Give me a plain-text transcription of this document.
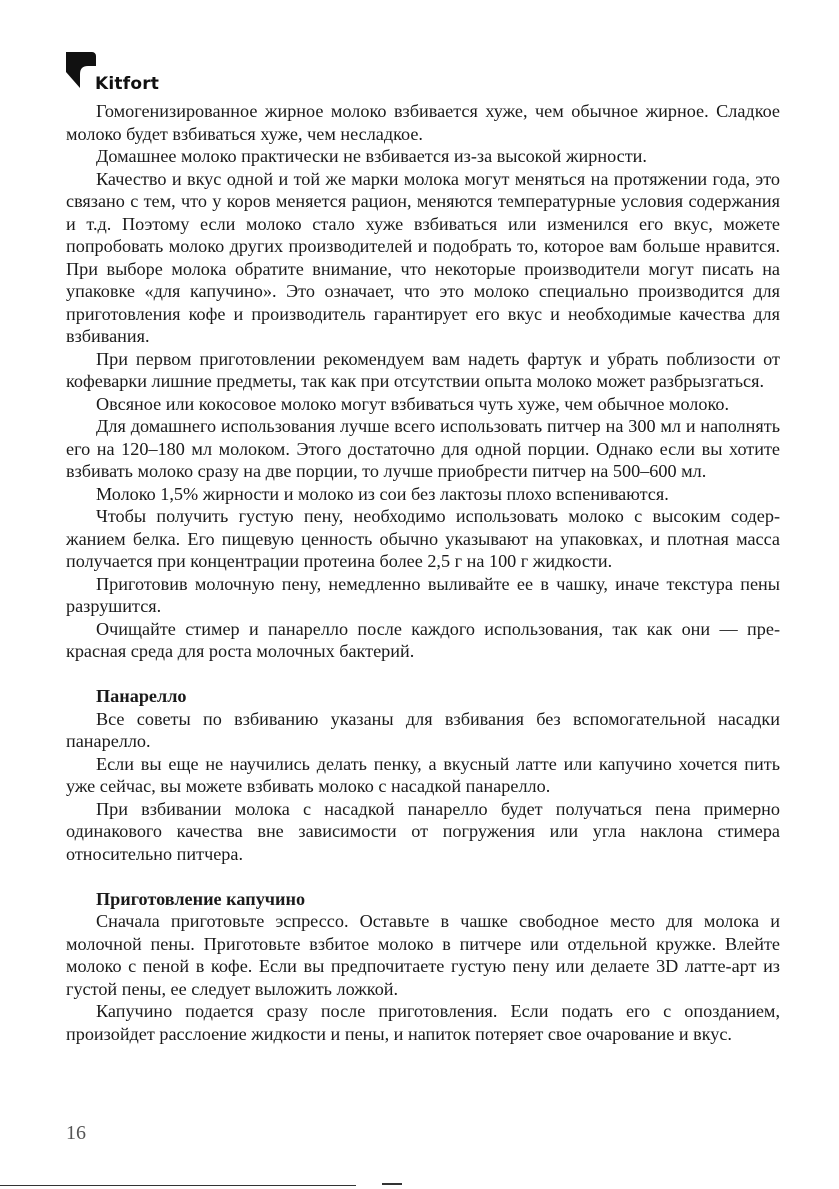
Kitfort

Гомогенизированное жирное молоко взбивается хуже, чем обычное жирное. Сладкое молоко будет взбиваться хуже, чем несладкое.

Домашнее молоко практически не взбивается из-за высокой жирности.

Качество и вкус одной и той же марки молока могут меняться на протяжении года, это связано с тем, что у коров меняется рацион, меняются температурные условия содержания и т.д. Поэтому если молоко стало хуже взбиваться или изменился его вкус, можете попробовать молоко других производителей и подобрать то, которое вам больше нравится. При выборе молока обратите внимание, что некоторые производители могут писать на упаковке «для капучино». Это означает, что это молоко специально производится для приготовления кофе и производитель гарантирует его вкус и необходимые качества для взбивания.

При первом приготовлении рекомендуем вам надеть фартук и убрать поблизости от кофеварки лишние предметы, так как при отсутствии опыта молоко может разбрызгаться.

Овсяное или кокосовое молоко могут взбиваться чуть хуже, чем обычное молоко.

Для домашнего использования лучше всего использовать питчер на 300 мл и наполнять его на 120–180 мл молоком. Этого достаточно для одной порции. Однако если вы хотите взбивать молоко сразу на две порции, то лучше приобрести питчер на 500–600 мл.

Молоко 1,5% жирности и молоко из сои без лактозы плохо вспениваются.

Чтобы получить густую пену, необходимо использовать молоко с высоким содержанием белка. Его пищевую ценность обычно указывают на упаковках, и плотная масса получается при концентрации протеина более 2,5 г на 100 г жидкости.

Приготовив молочную пену, немедленно выливайте ее в чашку, иначе текстура пены разрушится.

Очищайте стимер и панарелло после каждого использования, так как они — прекрасная среда для роста молочных бактерий.

Панарелло

Все советы по взбиванию указаны для взбивания без вспомогательной насадки панарелло.

Если вы еще не научились делать пенку, а вкусный латте или капучино хочется пить уже сейчас, вы можете взбивать молоко с насадкой панарелло.

При взбивании молока с насадкой панарелло будет получаться пена примерно одинакового качества вне зависимости от погружения или угла наклона стимера относительно питчера.

Приготовление капучино

Сначала приготовьте эспрессо. Оставьте в чашке свободное место для молока и молочной пены. Приготовьте взбитое молоко в питчере или отдельной кружке. Влейте молоко с пеной в кофе. Если вы предпочитаете густую пену или делаете 3D латте-арт из густой пены, ее следует выложить ложкой.

Капучино подается сразу после приготовления. Если подать его с опозданием, произойдет расслоение жидкости и пены, и напиток потеряет свое очарование и вкус.

16
